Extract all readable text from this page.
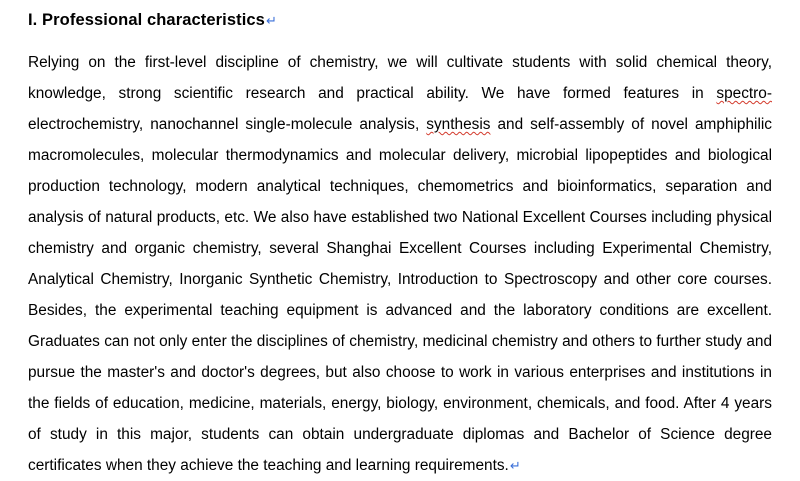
I. Professional characteristics↵

Relying on the first-level discipline of chemistry, we will cultivate students with solid chemical theory, knowledge, strong scientific research and practical ability. We have formed features in spectro-electrochemistry, nanochannel single-molecule analysis, synthesis and self-assembly of novel amphiphilic macromolecules, molecular thermodynamics and molecular delivery, microbial lipopeptides and biological production technology, modern analytical techniques, chemometrics and bioinformatics, separation and analysis of natural products, etc. We also have established two National Excellent Courses including physical chemistry and organic chemistry, several Shanghai Excellent Courses including Experimental Chemistry, Analytical Chemistry, Inorganic Synthetic Chemistry, Introduction to Spectroscopy and other core courses. Besides, the experimental teaching equipment is advanced and the laboratory conditions are excellent. Graduates can not only enter the disciplines of chemistry, medicinal chemistry and others to further study and pursue the master's and doctor's degrees, but also choose to work in various enterprises and institutions in the fields of education, medicine, materials, energy, biology, environment, chemicals, and food. After 4 years of study in this major, students can obtain undergraduate diplomas and Bachelor of Science degree certificates when they achieve the teaching and learning requirements.↵
